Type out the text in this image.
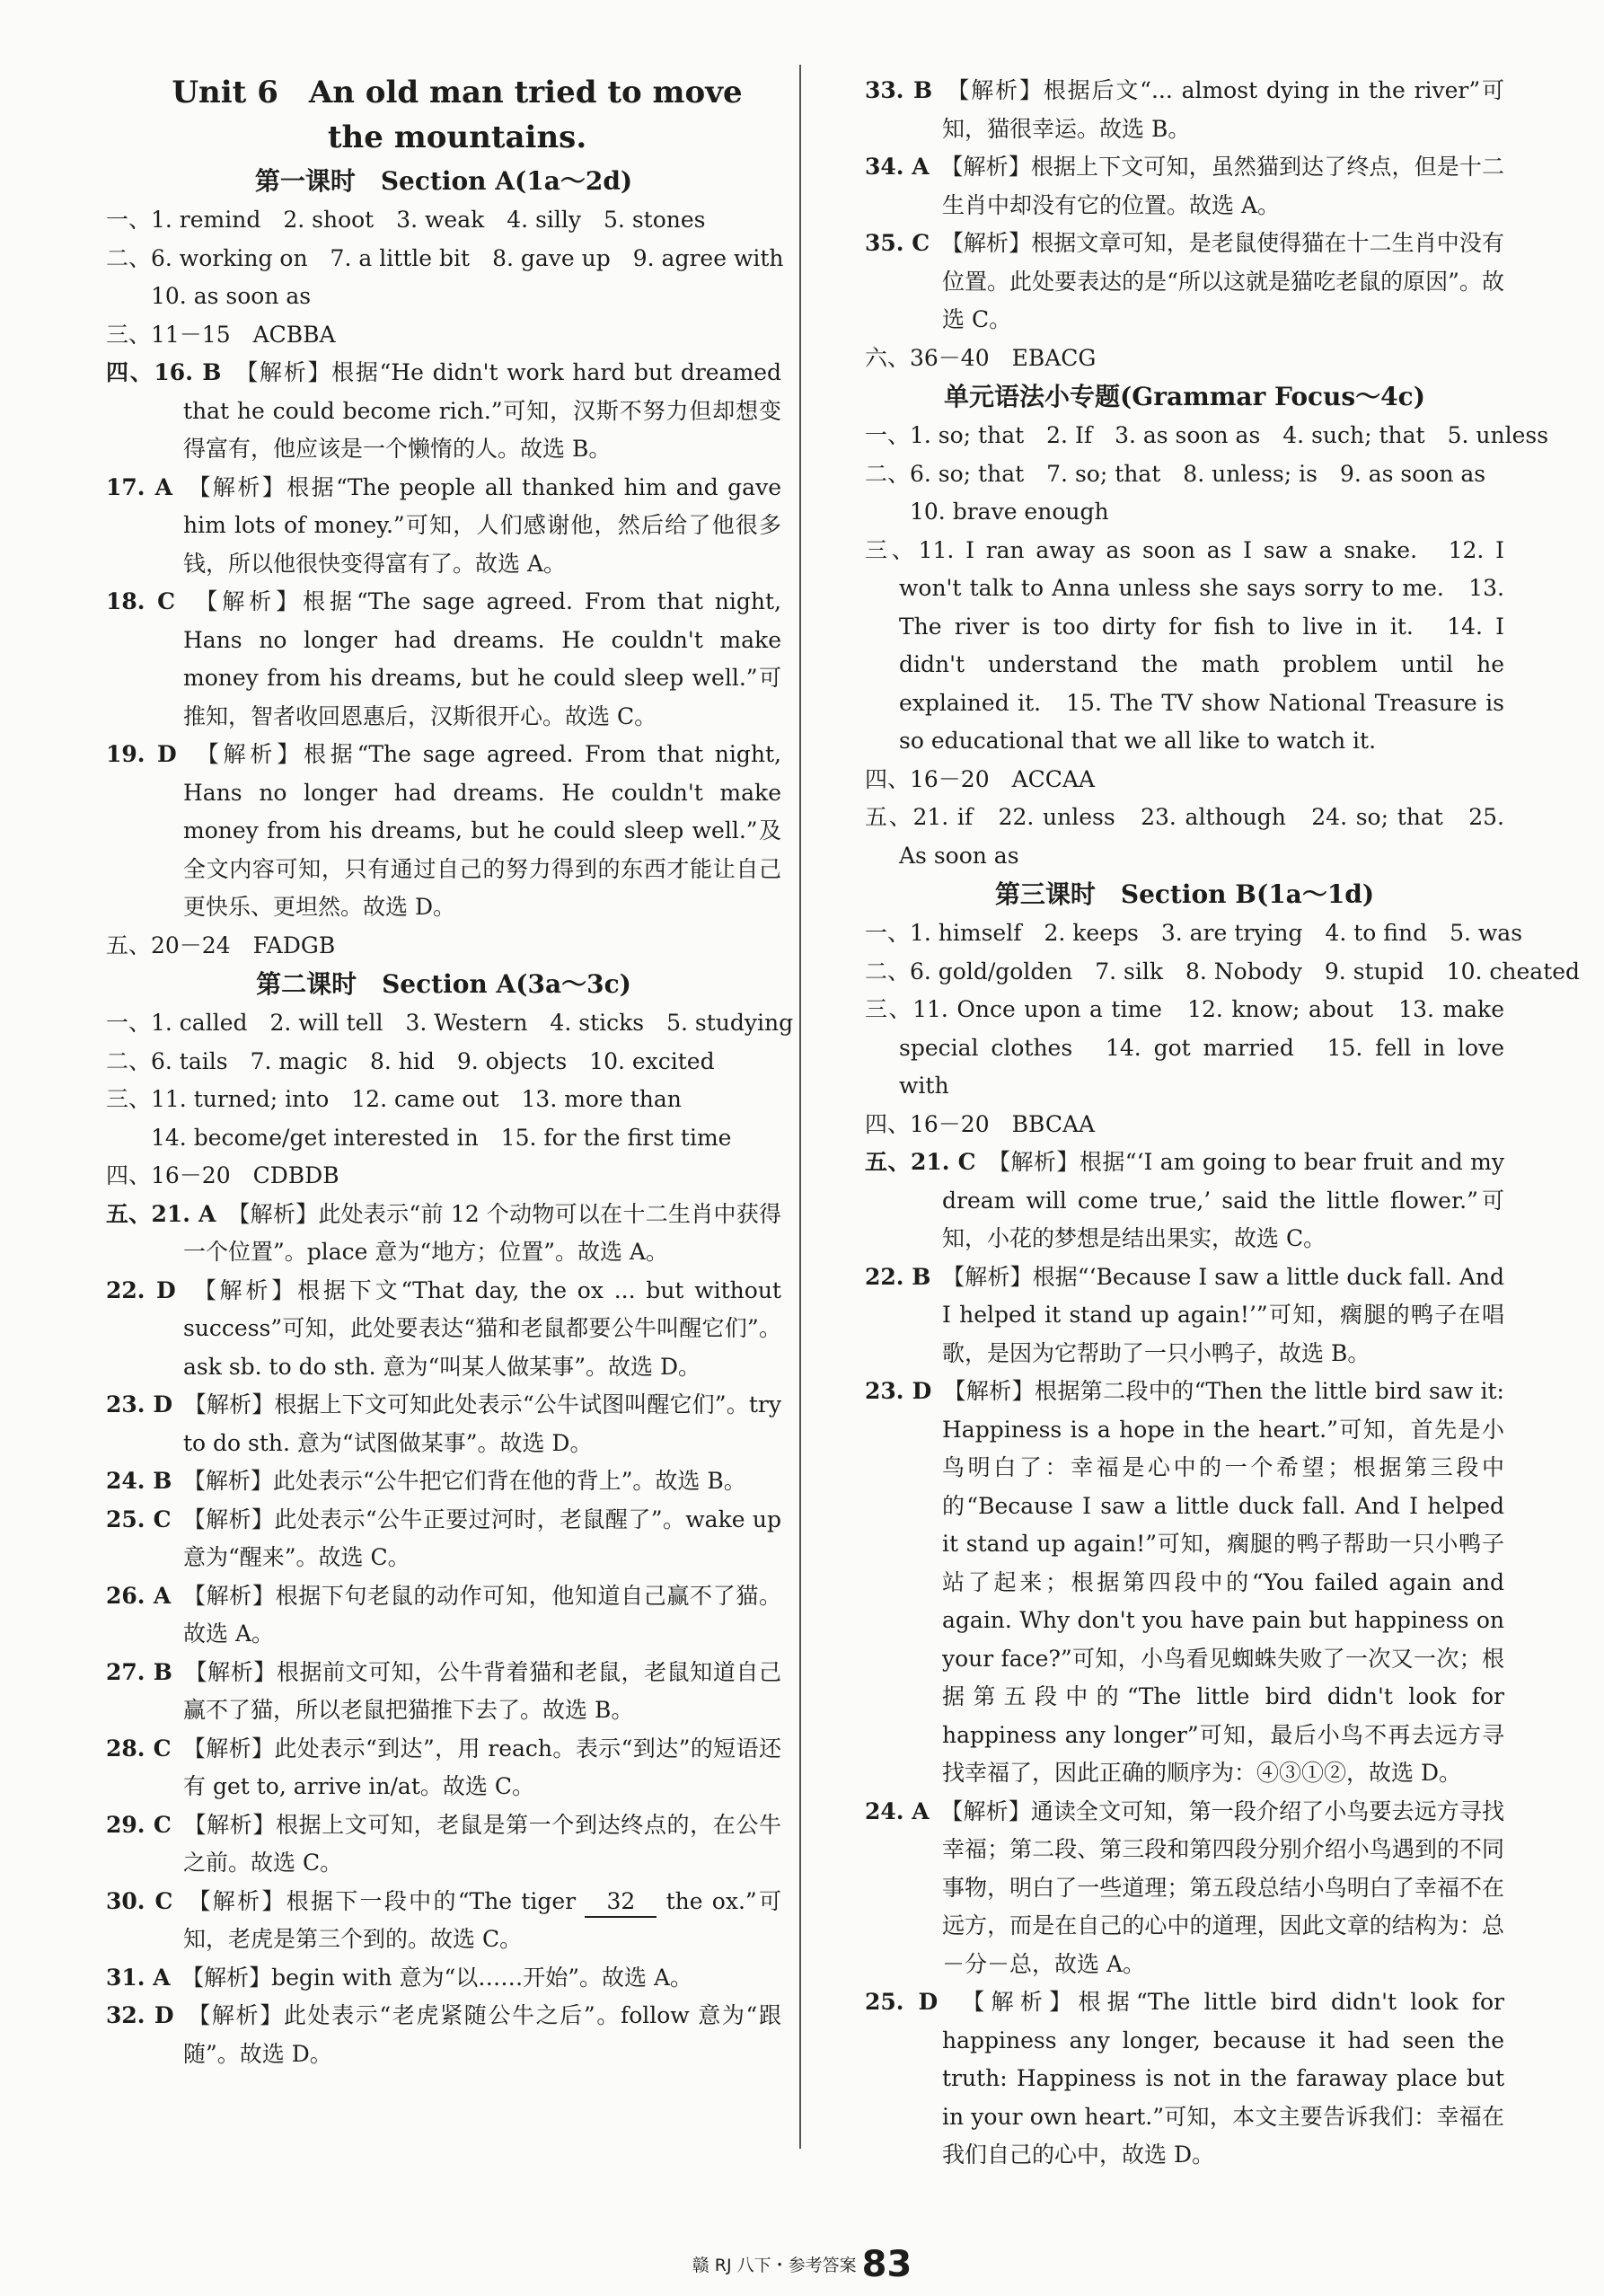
Unit 6　An old man tried to move
the mountains.
第一课时　Section A(1a～2d)
一、1. remind　2. shoot　3. weak　4. silly　5. stones
二、6. working on　7. a little bit　8. gave up　9. agree with
　　10. as soon as
三、11－15　ACBBA
四、16. B　 【解析】根据“He didn't work hard but dreamed that he could become rich.”可知，汉斯不努力但却想变得富有，他应该是一个懒惰的人。故选 B。
17. A　 【解析】根据“The people all thanked him and gave him lots of money.”可知，人们感谢他，然后给了他很多钱，所以他很快变得富有了。故选 A。
18. C　 【解析】根据“The sage agreed. From that night, Hans no longer had dreams. He couldn't make money from his dreams, but he could sleep well.”可推知，智者收回恩惠后，汉斯很开心。故选 C。
19. D　 【解析】根据“The sage agreed. From that night, Hans no longer had dreams. He couldn't make money from his dreams, but he could sleep well.”及全文内容可知，只有通过自己的努力得到的东西才能让自己更快乐、更坦然。故选 D。
五、20－24　FADGB
第二课时　Section A(3a～3c)
一、1. called　2. will tell　3. Western　4. sticks　5. studying
二、6. tails　7. magic　8. hid　9. objects　10. excited
三、11. turned; into　12. came out　13. more than
　　14. become/get interested in　15. for the first time
四、16－20　CDBDB
五、21. A　 【解析】此处表示“前 12 个动物可以在十二生肖中获得一个位置”。place 意为“地方；位置”。故选 A。
22. D　 【解析】根据下文“That day, the ox ... but without success”可知，此处要表达“猫和老鼠都要公牛叫醒它们”。ask sb. to do sth. 意为“叫某人做某事”。故选 D。
23. D　 【解析】根据上下文可知此处表示“公牛试图叫醒它们”。try to do sth. 意为“试图做某事”。故选 D。
24. B　 【解析】此处表示“公牛把它们背在他的背上”。故选 B。
25. C　 【解析】此处表示“公牛正要过河时，老鼠醒了”。wake up 意为“醒来”。故选 C。
26. A　 【解析】根据下句老鼠的动作可知，他知道自己赢不了猫。故选 A。
27. B　 【解析】根据前文可知，公牛背着猫和老鼠，老鼠知道自己赢不了猫，所以老鼠把猫推下去了。故选 B。
28. C　 【解析】此处表示“到达”，用 reach。表示“到达”的短语还有 get to, arrive in/at。故选 C。
29. C　 【解析】根据上文可知，老鼠是第一个到达终点的，在公牛之前。故选 C。
30. C　 【解析】根据下一段中的“The tiger 32 the ox.”可知，老虎是第三个到的。故选 C。
31. A　 【解析】begin with 意为“以……开始”。故选 A。
32. D　 【解析】此处表示“老虎紧随公牛之后”。follow 意为“跟随”。故选 D。
33. B　 【解析】根据后文“... almost dying in the river”可知，猫很幸运。故选 B。
34. A　 【解析】根据上下文可知，虽然猫到达了终点，但是十二生肖中却没有它的位置。故选 A。
35. C　 【解析】根据文章可知，是老鼠使得猫在十二生肖中没有位置。此处要表达的是“所以这就是猫吃老鼠的原因”。故选 C。
六、36－40　EBACG
单元语法小专题(Grammar Focus～4c)
一、1. so; that　2. If　3. as soon as　4. such; that　5. unless
二、6. so; that　7. so; that　8. unless; is　9. as soon as
　　10. brave enough
三、11. I ran away as soon as I saw a snake.　12. I won't talk to Anna unless she says sorry to me.　13. The river is too dirty for fish to live in it.　14. I didn't understand the math problem until he explained it.　15. The TV show National Treasure is so educational that we all like to watch it.
四、16－20　ACCAA
五、21. if　22. unless　23. although　24. so; that　25. As soon as
第三课时　Section B(1a～1d)
一、1. himself　2. keeps　3. are trying　4. to find　5. was
二、6. gold/golden　7. silk　8. Nobody　9. stupid　10. cheated
三、11. Once upon a time　12. know; about　13. make special clothes　14. got married　15. fell in love with
四、16－20　BBCAA
五、21. C　 【解析】根据“‘I am going to bear fruit and my dream will come true,’ said the little flower.”可知，小花的梦想是结出果实，故选 C。
22. B　 【解析】根据“‘Because I saw a little duck fall. And I helped it stand up again!’”可知，瘸腿的鸭子在唱歌，是因为它帮助了一只小鸭子，故选 B。
23. D　 【解析】根据第二段中的“Then the little bird saw it: Happiness is a hope in the heart.”可知，首先是小鸟明白了：幸福是心中的一个希望；根据第三段中的“Because I saw a little duck fall. And I helped it stand up again!”可知，瘸腿的鸭子帮助一只小鸭子站了起来；根据第四段中的“You failed again and again. Why don't you have pain but happiness on your face?”可知，小鸟看见蜘蛛失败了一次又一次；根据第五段中的“The little bird didn't look for happiness any longer”可知，最后小鸟不再去远方寻找幸福了，因此正确的顺序为：④③①②，故选 D。
24. A　 【解析】通读全文可知，第一段介绍了小鸟要去远方寻找幸福；第二段、第三段和第四段分别介绍小鸟遇到的不同事物，明白了一些道理；第五段总结小鸟明白了幸福不在远方，而是在自己的心中的道理，因此文章的结构为：总－分－总，故选 A。
25. D　 【解析】根据“The little bird didn't look for happiness any longer, because it had seen the truth: Happiness is not in the faraway place but in your own heart.”可知，本文主要告诉我们：幸福在我们自己的心中，故选 D。
$^{赣 RJ 八下・参考答案}$ 83
